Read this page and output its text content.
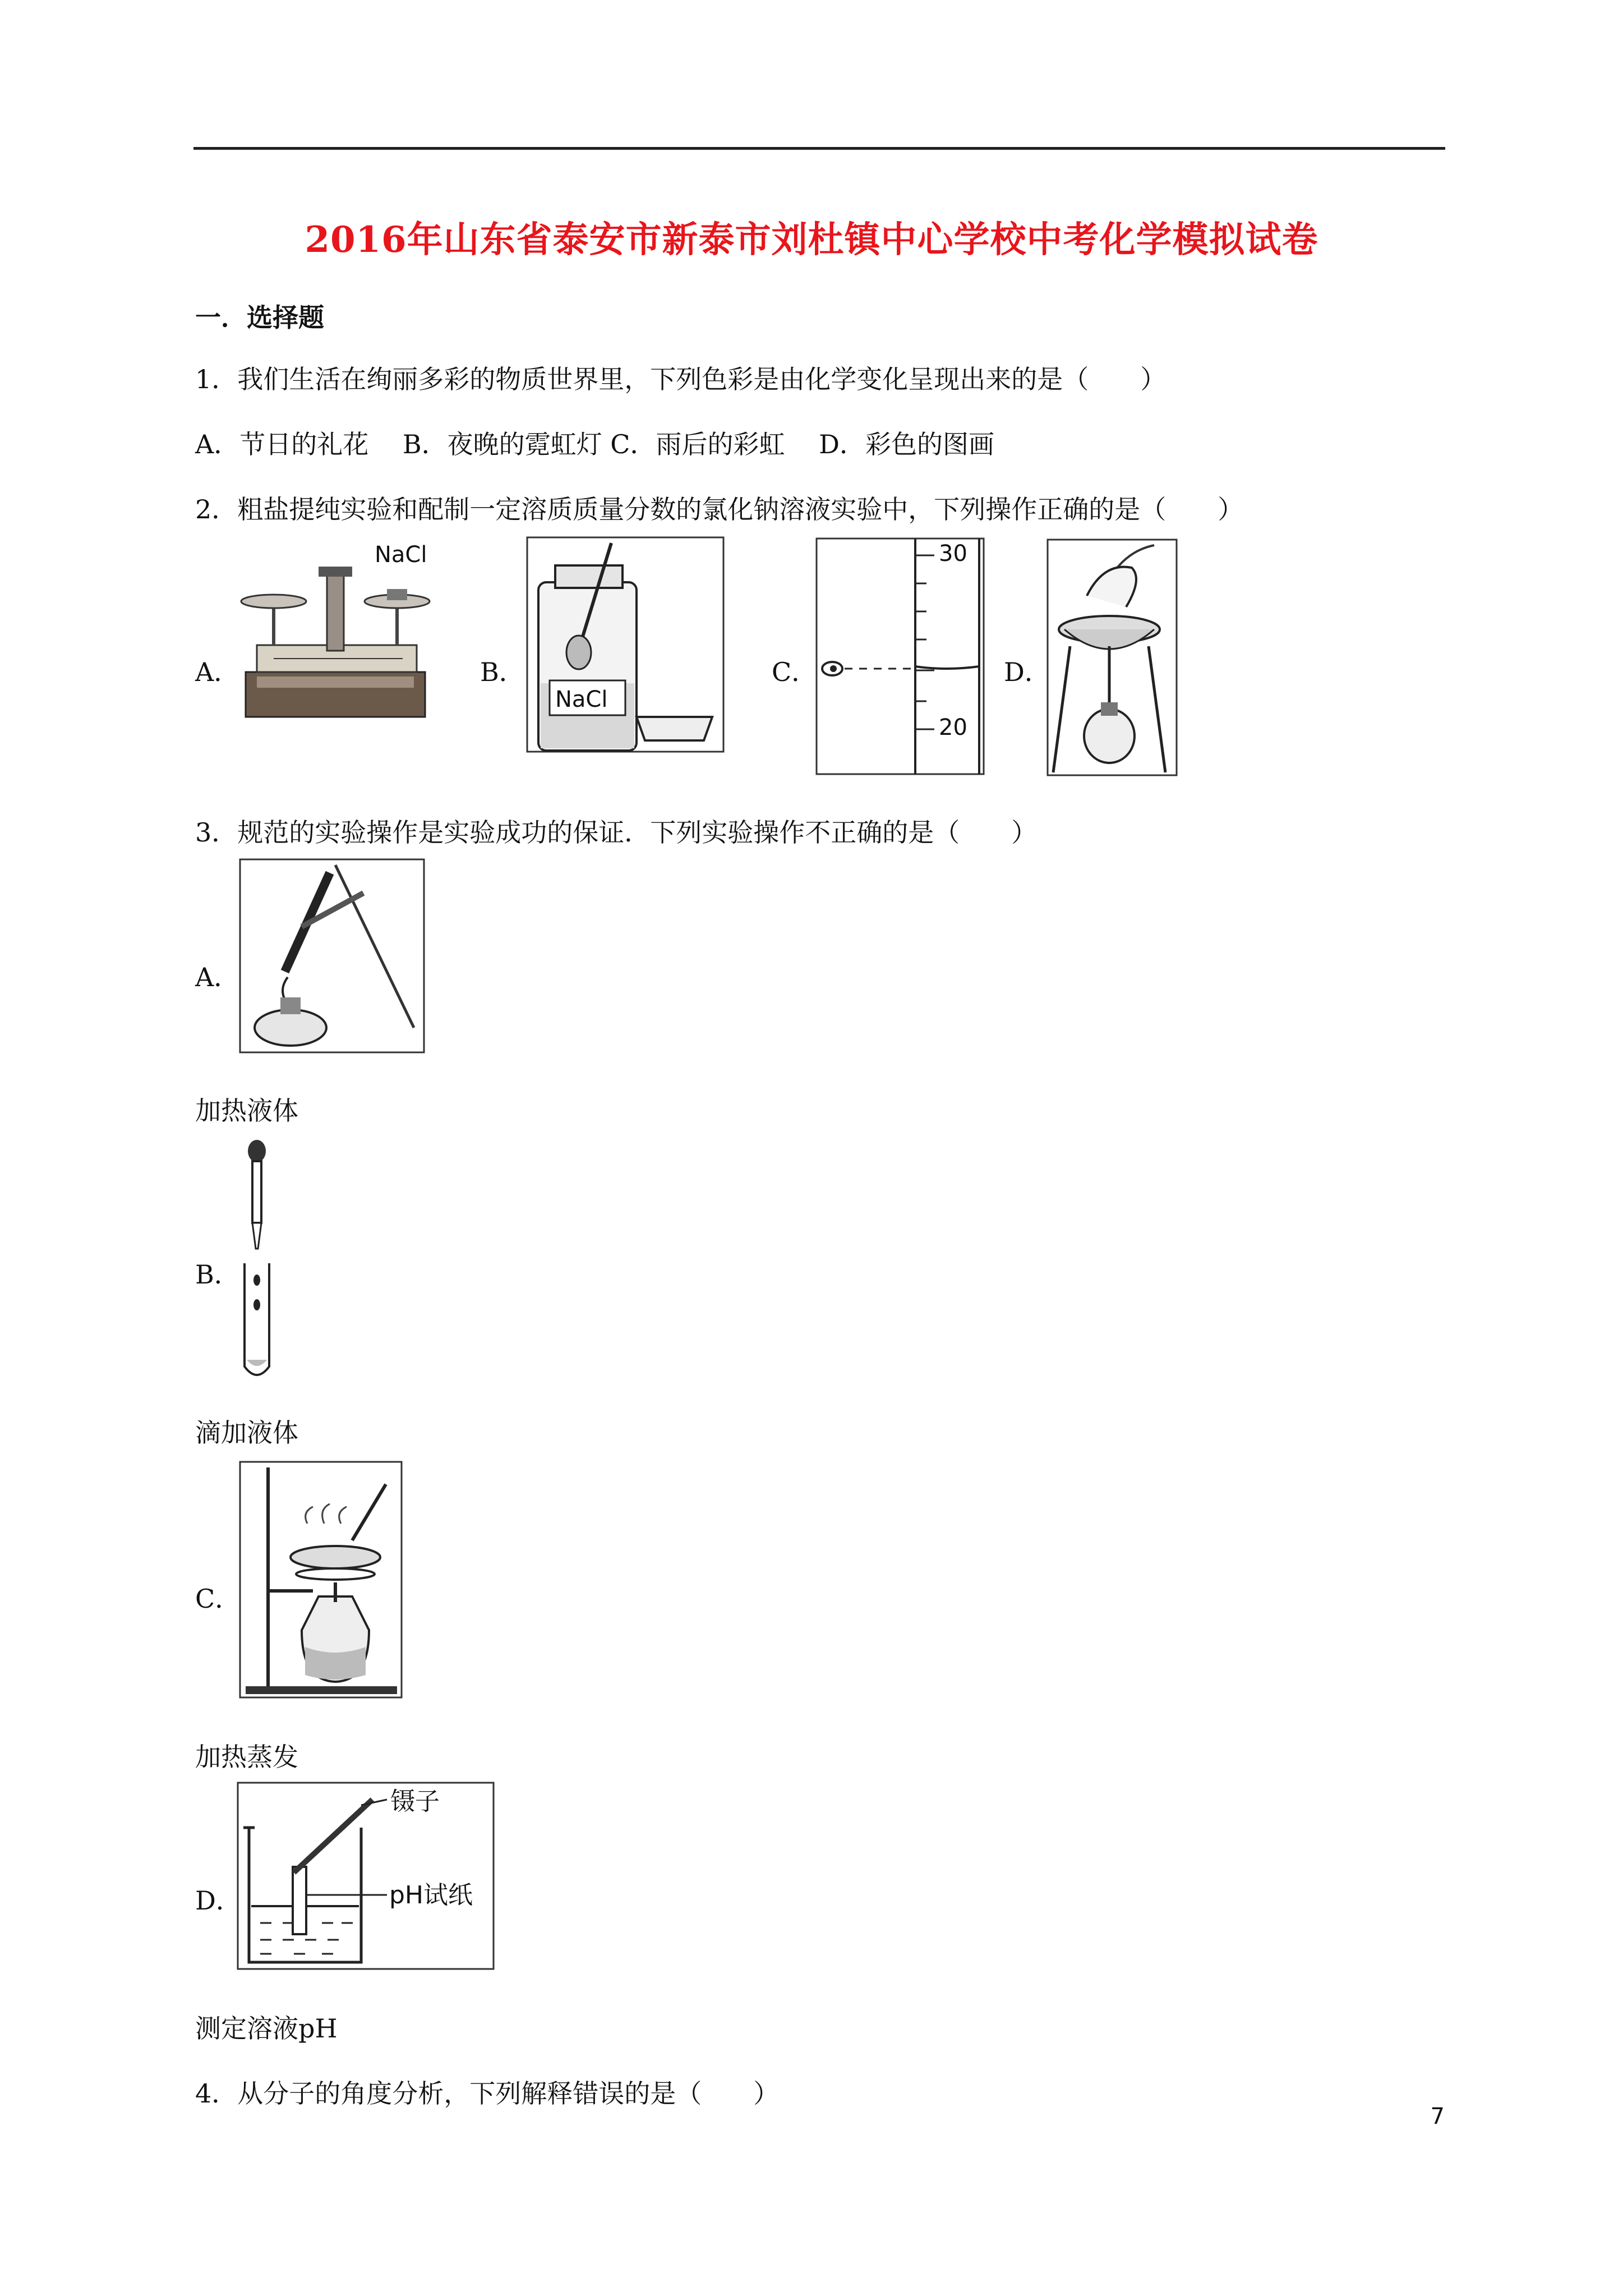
2016年山东省泰安市新泰市刘杜镇中心学校中考化学模拟试卷
一．选择题
1．我们生活在绚丽多彩的物质世界里，下列色彩是由化学变化呈现出来的是（　　）
A．节日的礼花　 B．夜晚的霓虹灯 C．雨后的彩虹　 D．彩色的图画
2．粗盐提纯实验和配制一定溶质质量分数的氯化钠溶液实验中，下列操作正确的是（　　）
A．
NaCl
B．
NaCl
C．
30
20
D．
3．规范的实验操作是实验成功的保证．下列实验操作不正确的是（　　）
A．
加热液体
B．
滴加液体
C．
加热蒸发
D．
镊子
pH试纸
测定溶液pH
4．从分子的角度分析，下列解释错误的是（　　）
7
